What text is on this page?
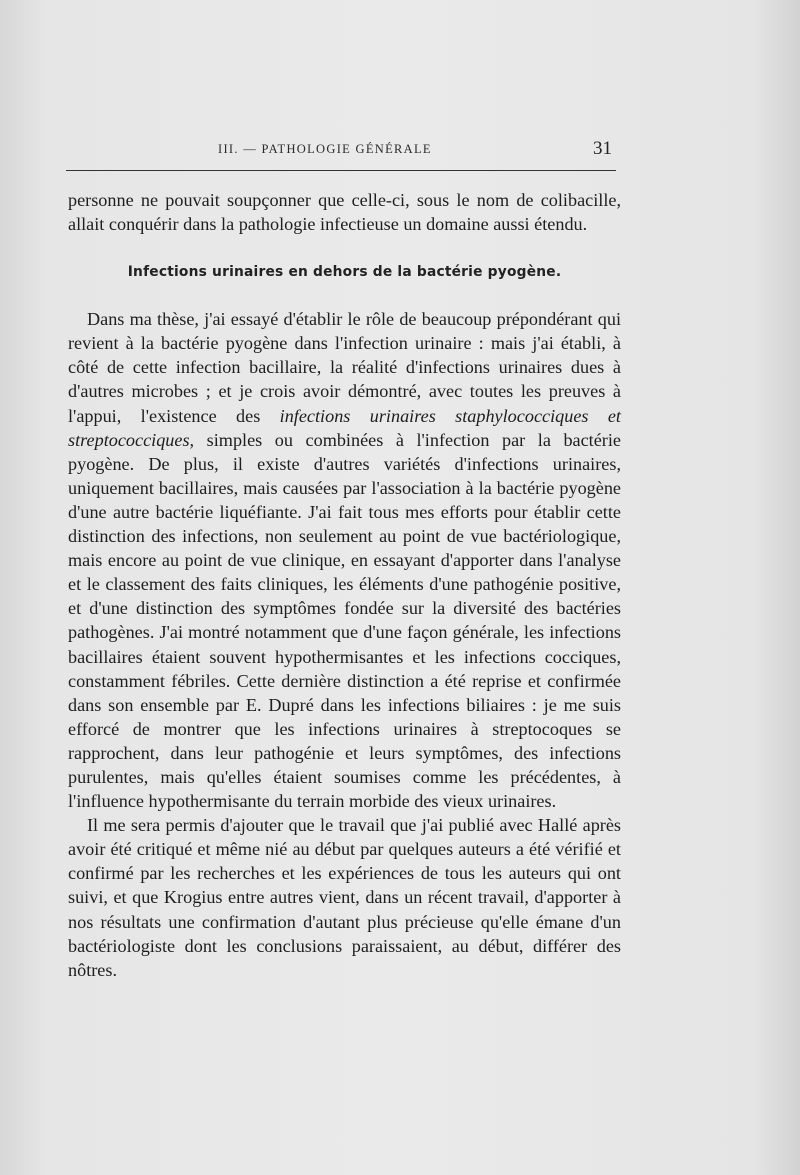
III. — PATHOLOGIE GÉNÉRALE	31

personne ne pouvait soupçonner que celle-ci, sous le nom de colibacille, allait conquérir dans la pathologie infectieuse un domaine aussi étendu.

Infections urinaires en dehors de la bactérie pyogène.

Dans ma thèse, j'ai essayé d'établir le rôle de beaucoup prépondérant qui revient à la bactérie pyogène dans l'infection urinaire : mais j'ai établi, à côté de cette infection bacillaire, la réalité d'infections urinaires dues à d'autres microbes ; et je crois avoir démontré, avec toutes les preuves à l'appui, l'existence des infections urinaires staphylococciques et streptococciques, simples ou combinées à l'infection par la bactérie pyogène. De plus, il existe d'autres variétés d'infections urinaires, uniquement bacillaires, mais causées par l'association à la bactérie pyogène d'une autre bactérie liquéfiante. J'ai fait tous mes efforts pour établir cette distinction des infections, non seulement au point de vue bactériologique, mais encore au point de vue clinique, en essayant d'apporter dans l'analyse et le classement des faits cliniques, les éléments d'une pathogénie positive, et d'une distinction des symptômes fondée sur la diversité des bactéries pathogènes. J'ai montré notamment que d'une façon générale, les infections bacillaires étaient souvent hypothermisantes et les infections cocciques, constamment fébriles. Cette dernière distinction a été reprise et confirmée dans son ensemble par E. Dupré dans les infections biliaires : je me suis efforcé de montrer que les infections urinaires à streptocoques se rapprochent, dans leur pathogénie et leurs symptômes, des infections purulentes, mais qu'elles étaient soumises comme les précédentes, à l'influence hypothermisante du terrain morbide des vieux urinaires.

Il me sera permis d'ajouter que le travail que j'ai publié avec Hallé après avoir été critiqué et même nié au début par quelques auteurs a été vérifié et confirmé par les recherches et les expériences de tous les auteurs qui ont suivi, et que Krogius entre autres vient, dans un récent travail, d'apporter à nos résultats une confirmation d'autant plus précieuse qu'elle émane d'un bactériologiste dont les conclusions paraissaient, au début, différer des nôtres.
